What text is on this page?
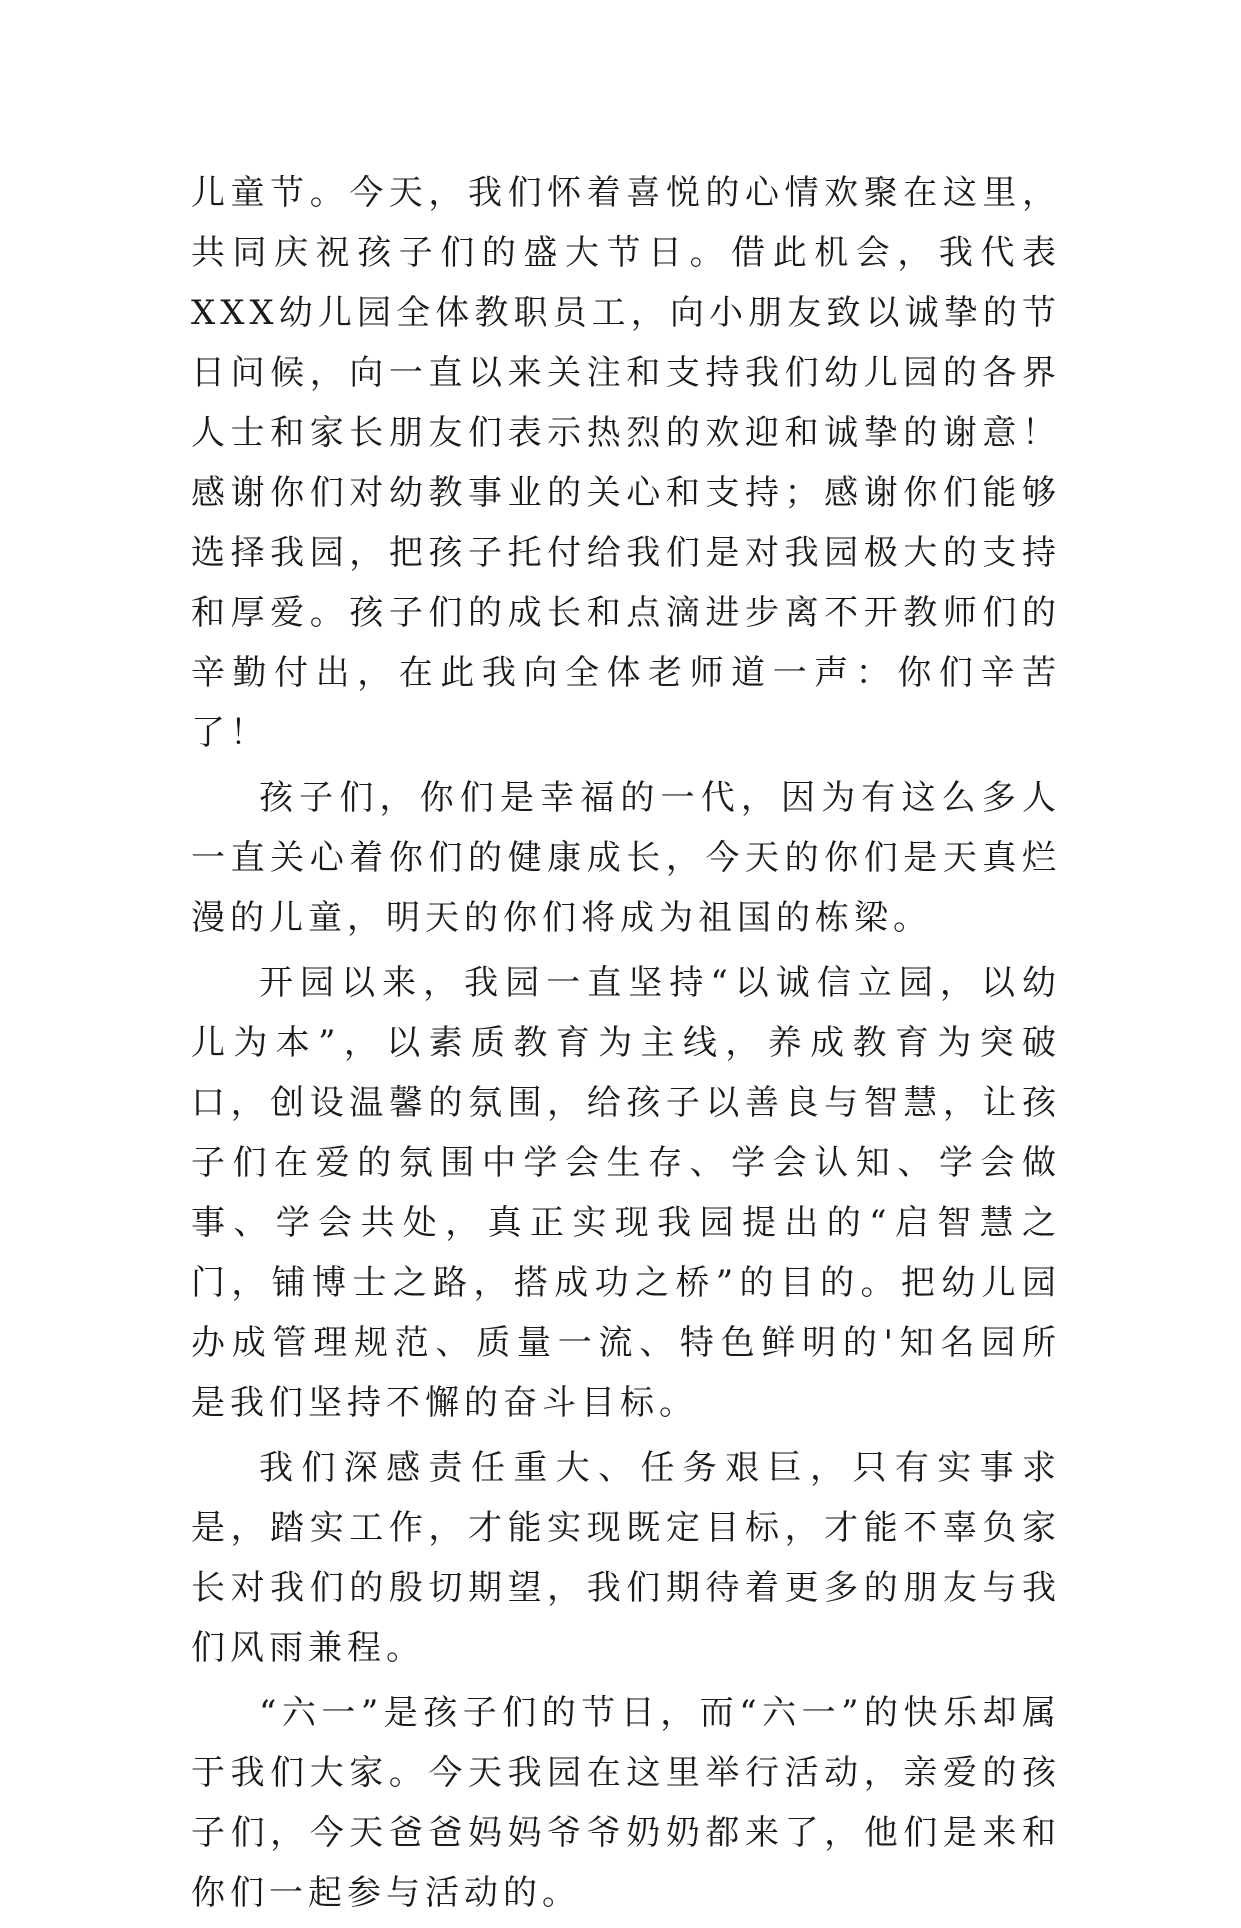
儿童节。今天，我们怀着喜悦的心情欢聚在这里，共同庆祝孩子们的盛大节日。借此机会，我代表XXX幼儿园全体教职员工，向小朋友致以诚挚的节日问候，向一直以来关注和支持我们幼儿园的各界人士和家长朋友们表示热烈的欢迎和诚挚的谢意！感谢你们对幼教事业的关心和支持；感谢你们能够选择我园，把孩子托付给我们是对我园极大的支持和厚爱。孩子们的成长和点滴进步离不开教师们的辛勤付出，在此我向全体老师道一声：你们辛苦了！

孩子们，你们是幸福的一代，因为有这么多人一直关心着你们的健康成长，今天的你们是天真烂漫的儿童，明天的你们将成为祖国的栋梁。

开园以来，我园一直坚持“以诚信立园，以幼儿为本”，以素质教育为主线，养成教育为突破口，创设温馨的氛围，给孩子以善良与智慧，让孩子们在爱的氛围中学会生存、学会认知、学会做事、学会共处，真正实现我园提出的“启智慧之门，铺博士之路，搭成功之桥”的目的。把幼儿园办成管理规范、质量一流、特色鲜明的'知名园所是我们坚持不懈的奋斗目标。

我们深感责任重大、任务艰巨，只有实事求是，踏实工作，才能实现既定目标，才能不辜负家长对我们的殷切期望，我们期待着更多的朋友与我们风雨兼程。

“六一”是孩子们的节日，而“六一”的快乐却属于我们大家。今天我园在这里举行活动，亲爱的孩子们，今天爸爸妈妈爷爷奶奶都来了，他们是来和你们一起参与活动的。
